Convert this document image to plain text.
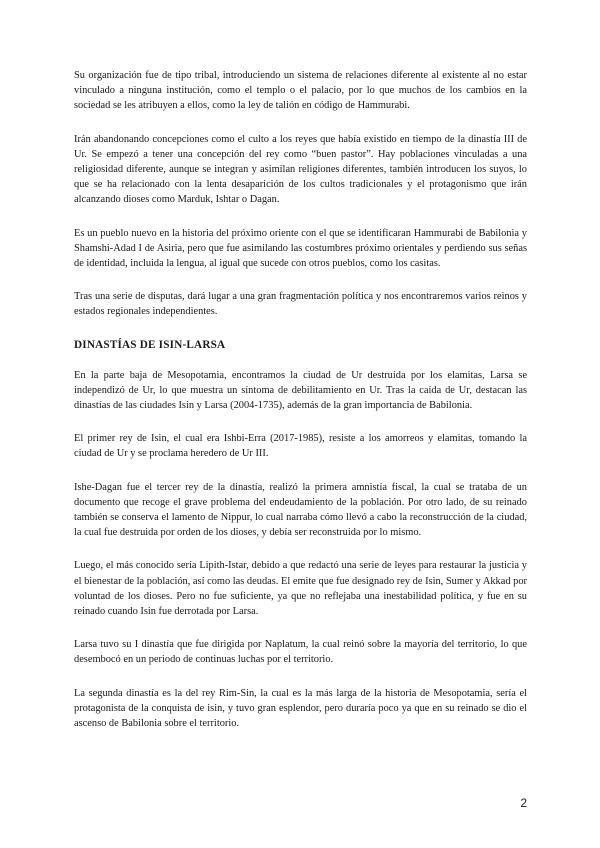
Su organización fue de tipo tribal, introduciendo un sistema de relaciones diferente al existente al no estar vinculado a ninguna institución, como el templo o el palacio, por lo que muchos de los cambios en la sociedad se les atribuyen a ellos, como la ley de talión en código de Hammurabi.

Irán abandonando concepciones como el culto a los reyes que había existido en tiempo de la dinastía III de Ur. Se empezó a tener una concepción del rey como “buen pastor”. Hay poblaciones vinculadas a una religiosidad diferente, aunque se integran y asimilan religiones diferentes, también introducen los suyos, lo que se ha relacionado con la lenta desaparición de los cultos tradicionales y el protagonismo que irán alcanzando dioses como Marduk, Ishtar o Dagan.

Es un pueblo nuevo en la historia del próximo oriente con el que se identificaran Hammurabi de Babilonia y Shamshi-Adad I de Asiria, pero que fue asimilando las costumbres próximo orientales y perdiendo sus señas de identidad, incluida la lengua, al igual que sucede con otros pueblos, como los casitas.

Tras una serie de disputas, dará lugar a una gran fragmentación política y nos encontraremos varios reinos y estados regionales independientes.

DINASTÍAS DE ISIN-LARSA

En la parte baja de Mesopotamia, encontramos la ciudad de Ur destruida por los elamitas, Larsa se independizó de Ur, lo que muestra un síntoma de debilitamiento en Ur. Tras la caída de Ur, destacan las dinastías de las ciudades Isin y Larsa (2004-1735), además de la gran importancia de Babilonia.

El primer rey de Isin, el cual era Ishbi-Erra (2017-1985), resiste a los amorreos y elamitas, tomando la ciudad de Ur y se proclama heredero de Ur III.

Ishe-Dagan fue el tercer rey de la dinastía, realizó la primera amnistía fiscal, la cual se trataba de un documento que recoge el grave problema del endeudamiento de la población. Por otro lado, de su reinado también se conserva el lamento de Nippur, lo cual narraba cómo llevó a cabo la reconstrucción de la ciudad, la cual fue destruida por orden de los dioses, y debía ser reconstruida por lo mismo.

Luego, el más conocido sería Lipith-Istar, debido a que redactó una serie de leyes para restaurar la justicia y el bienestar de la población, así como las deudas. El emite que fue designado rey de Isin, Sumer y Akkad por voluntad de los dioses. Pero no fue suficiente, ya que no reflejaba una inestabilidad política, y fue en su reinado cuando Isin fue derrotada por Larsa.

Larsa tuvo su I dinastía que fue dirigida por Naplatum, la cual reinó sobre la mayoría del territorio, lo que desembocó en un periodo de continuas luchas por el territorio.

La segunda dinastía es la del rey Rim-Sin, la cual es la más larga de la historia de Mesopotamia, sería el protagonista de la conquista de isin, y tuvo gran esplendor, pero duraría poco ya que en su reinado se dio el ascenso de Babilonia sobre el territorio.

2
